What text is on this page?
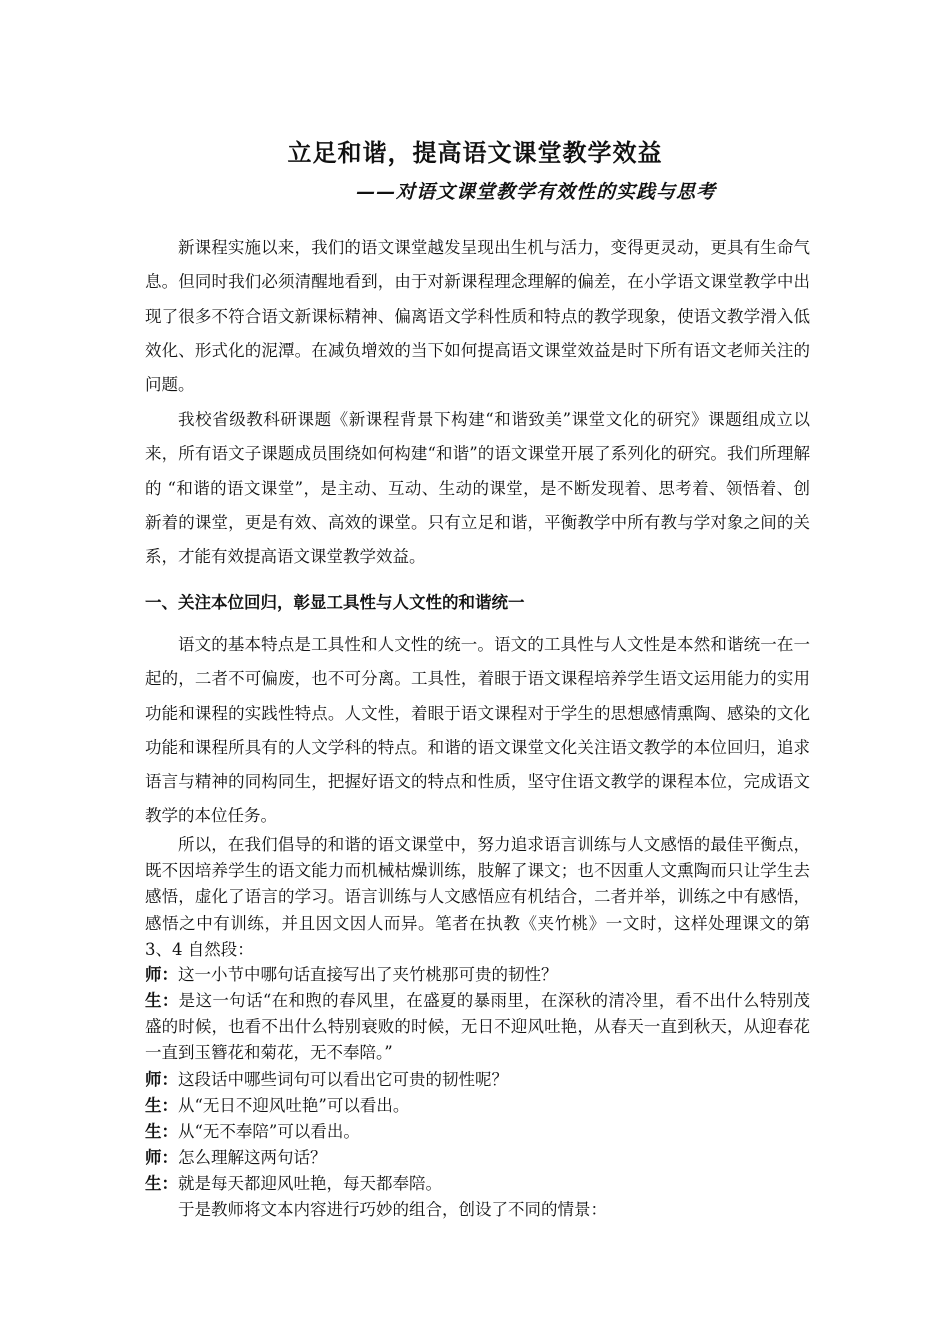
立足和谐，提高语文课堂教学效益
——对语文课堂教学有效性的实践与思考
新课程实施以来，我们的语文课堂越发呈现出生机与活力，变得更灵动，更具有生命气息。但同时我们必须清醒地看到，由于对新课程理念理解的偏差，在小学语文课堂教学中出现了很多不符合语文新课标精神、偏离语文学科性质和特点的教学现象，使语文教学滑入低效化、形式化的泥潭。在减负增效的当下如何提高语文课堂效益是时下所有语文老师关注的问题。
我校省级教科研课题《新课程背景下构建“和谐致美”课堂文化的研究》课题组成立以来，所有语文子课题成员围绕如何构建“和谐”的语文课堂开展了系列化的研究。我们所理解的 “和谐的语文课堂”，是主动、互动、生动的课堂，是不断发现着、思考着、领悟着、创新着的课堂，更是有效、高效的课堂。只有立足和谐，平衡教学中所有教与学对象之间的关系，才能有效提高语文课堂教学效益。
一、关注本位回归，彰显工具性与人文性的和谐统一
语文的基本特点是工具性和人文性的统一。语文的工具性与人文性是本然和谐统一在一起的，二者不可偏废，也不可分离。工具性，着眼于语文课程培养学生语文运用能力的实用功能和课程的实践性特点。人文性，着眼于语文课程对于学生的思想感情熏陶、感染的文化功能和课程所具有的人文学科的特点。和谐的语文课堂文化关注语文教学的本位回归，追求语言与精神的同构同生，把握好语文的特点和性质，坚守住语文教学的课程本位，完成语文教学的本位任务。
所以，在我们倡导的和谐的语文课堂中，努力追求语言训练与人文感悟的最佳平衡点，既不因培养学生的语文能力而机械枯燥训练，肢解了课文；也不因重人文熏陶而只让学生去感悟，虚化了语言的学习。语言训练与人文感悟应有机结合，二者并举，训练之中有感悟，感悟之中有训练，并且因文因人而异。笔者在执教《夹竹桃》一文时，这样处理课文的第 3、4 自然段：
师：这一小节中哪句话直接写出了夹竹桃那可贵的韧性？
生：是这一句话“在和煦的春风里，在盛夏的暴雨里，在深秋的清冷里，看不出什么特别茂盛的时候，也看不出什么特别衰败的时候，无日不迎风吐艳，从春天一直到秋天，从迎春花一直到玉簪花和菊花，无不奉陪。”
师：这段话中哪些词句可以看出它可贵的韧性呢？
生：从“无日不迎风吐艳”可以看出。
生：从“无不奉陪”可以看出。
师：怎么理解这两句话？
生：就是每天都迎风吐艳，每天都奉陪。
于是教师将文本内容进行巧妙的组合，创设了不同的情景：
